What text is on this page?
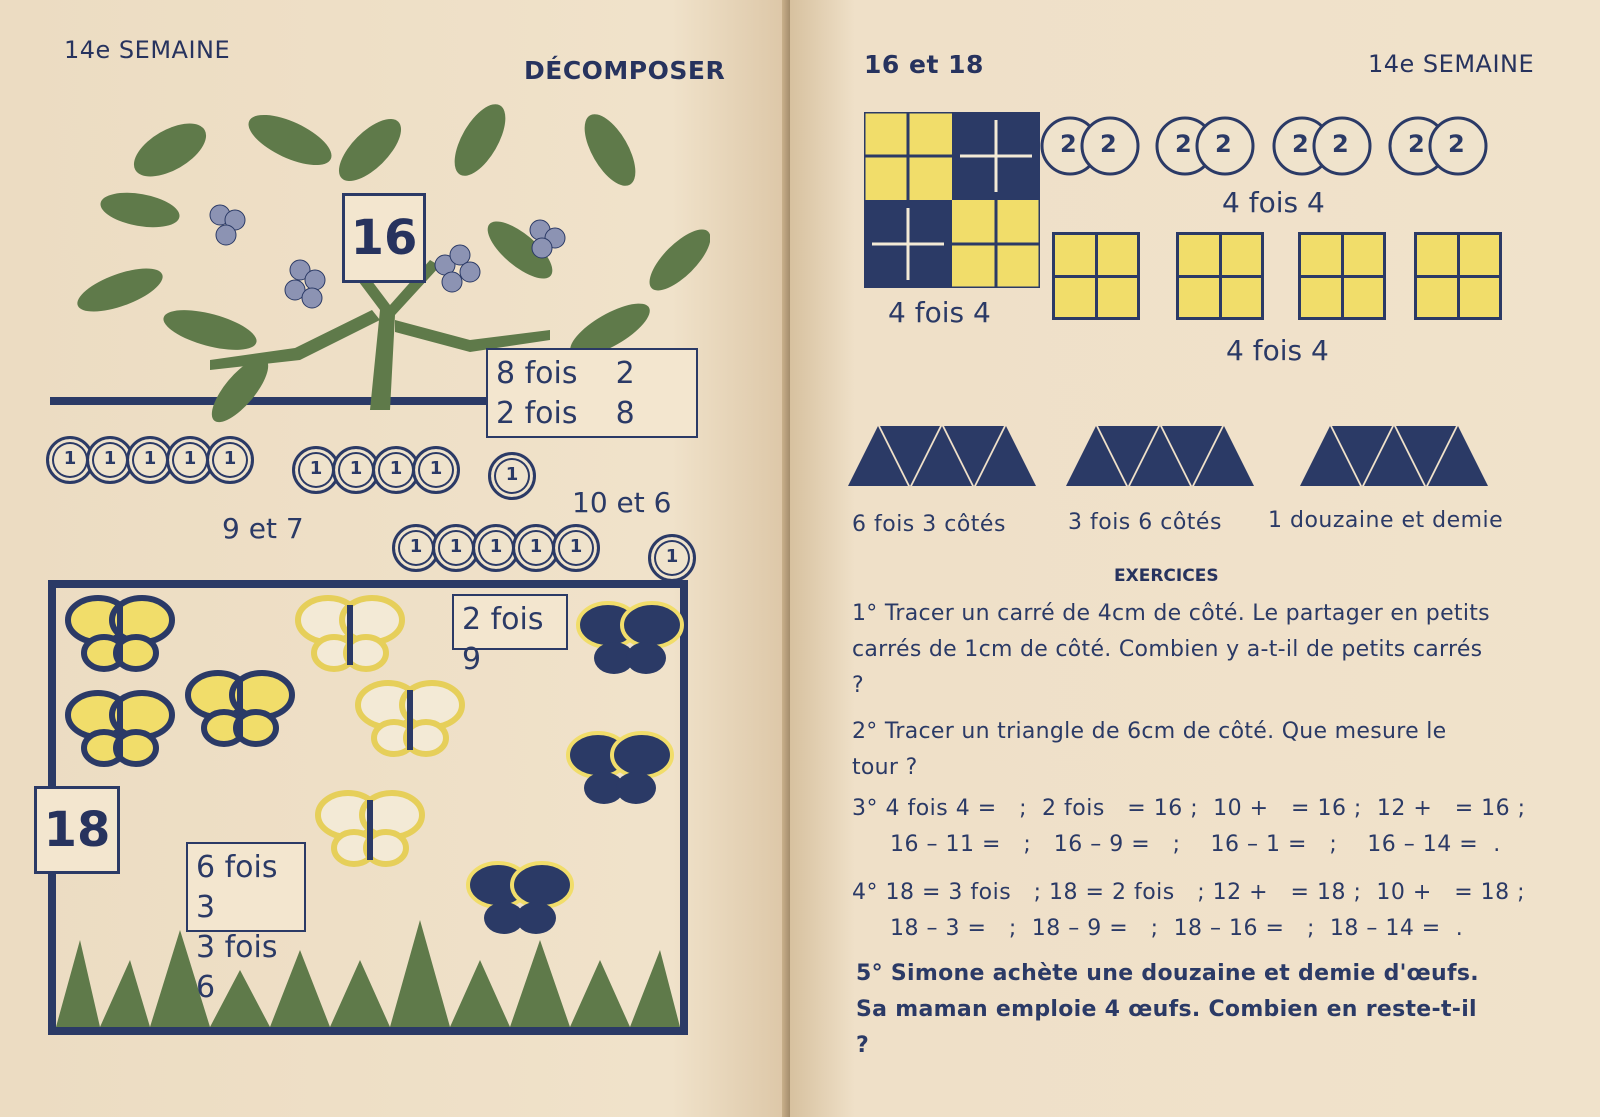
14e SEMAINE
DÉCOMPOSER
16
8 fois    2
2 fois    8
1	1	1	1	1	1	1	1	1	1
9 et 7
10 et 6
1	1	1	1	1	1
2 fois 9
18
6 fois 3
3 fois 6
16 et 18	14e SEMAINE
4 fois 4
2 2 2 2	2 2 2 2
4 fois 4
4 fois 4
6 fois 3 côtés	3 fois 6 côtés 1 douzaine et demie
EXERCICES
1° Tracer un carré de 4cm de côté. Le partager en petits carrés de 1cm de côté. Combien y a-t-il de petits carrés ?
2° Tracer un triangle de 6cm de côté. Que mesure le tour ?
3° 4 fois 4 =   ;  2 fois   = 16 ;  10 +   = 16 ;  12 +   = 16 ;
16 – 11 =   ;   16 – 9 =   ;    16 – 1 =   ;    16 – 14 =  .
4° 18 = 3 fois   ; 18 = 2 fois   ; 12 +   = 18 ;  10 +   = 18 ;
18 – 3 =   ;  18 – 9 =   ;  18 – 16 =   ;  18 – 14 =  .
5° Simone achète une douzaine et demie d'œufs. Sa maman emploie 4 œufs. Combien en reste-t-il ?
